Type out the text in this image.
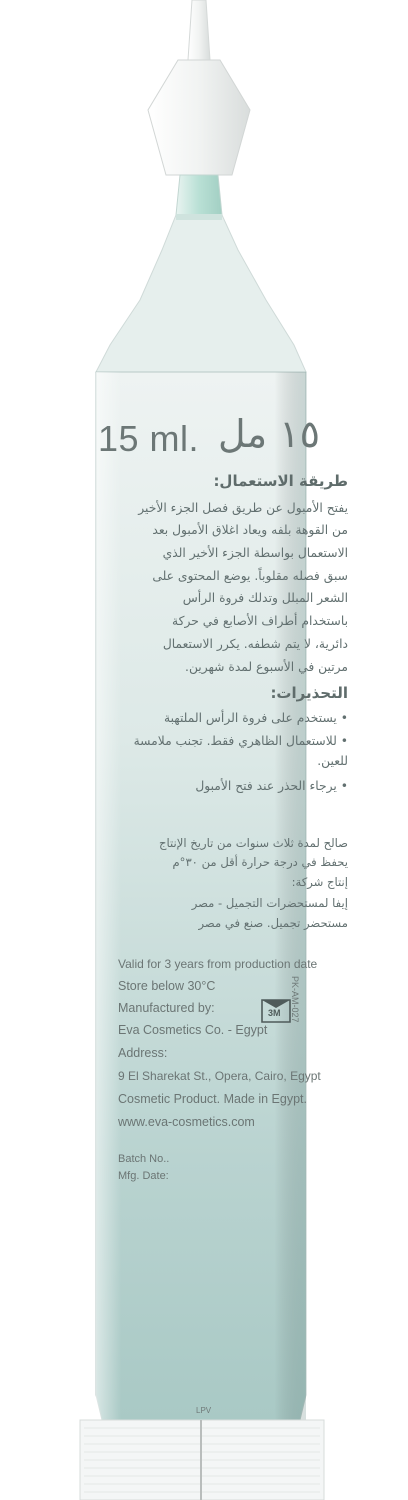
15 ml. ١٥ مل
طريقة الاستعمال:
يفتح الأمبول عن طريق فصل الجزء الأخير
من القوهة بلفه ويعاد اغلاق الأمبول بعد
الاستعمال بواسطة الجزء الأخير الذي
سبق فصله مقلوباً. يوضع المحتوى على
الشعر المبلل وتدلك فروة الرأس
باستخدام أطراف الأصابع في حركة
دائرية، لا يتم شطفه. يكرر الاستعمال
مرتين في الأسبوع لمدة شهرين.
التحذيرات:
• يستخدم على فروة الرأس الملتهبة
• للاستعمال الظاهري فقط. تجنب ملامسة
للعين.
• يرجاء الحذر عند فتح الأمبول
صالح لمدة ثلاث سنوات من تاريخ الإنتاج
يحفظ في درجة حرارة أقل من ٣٠°م
إنتاج شركة:
إيفا لمستحضرات التجميل - مصر
مستحضر تجميل. صنع في مصر
Valid for 3 years from production date
Store below 30°C
Manufactured by:
Eva Cosmetics Co. - Egypt
Address:
9 El Sharekat St., Opera, Cairo, Egypt
Cosmetic Product. Made in Egypt.
www.eva-cosmetics.com
Batch No..
Mfg. Date:
3M PK-AM-027
LPV
